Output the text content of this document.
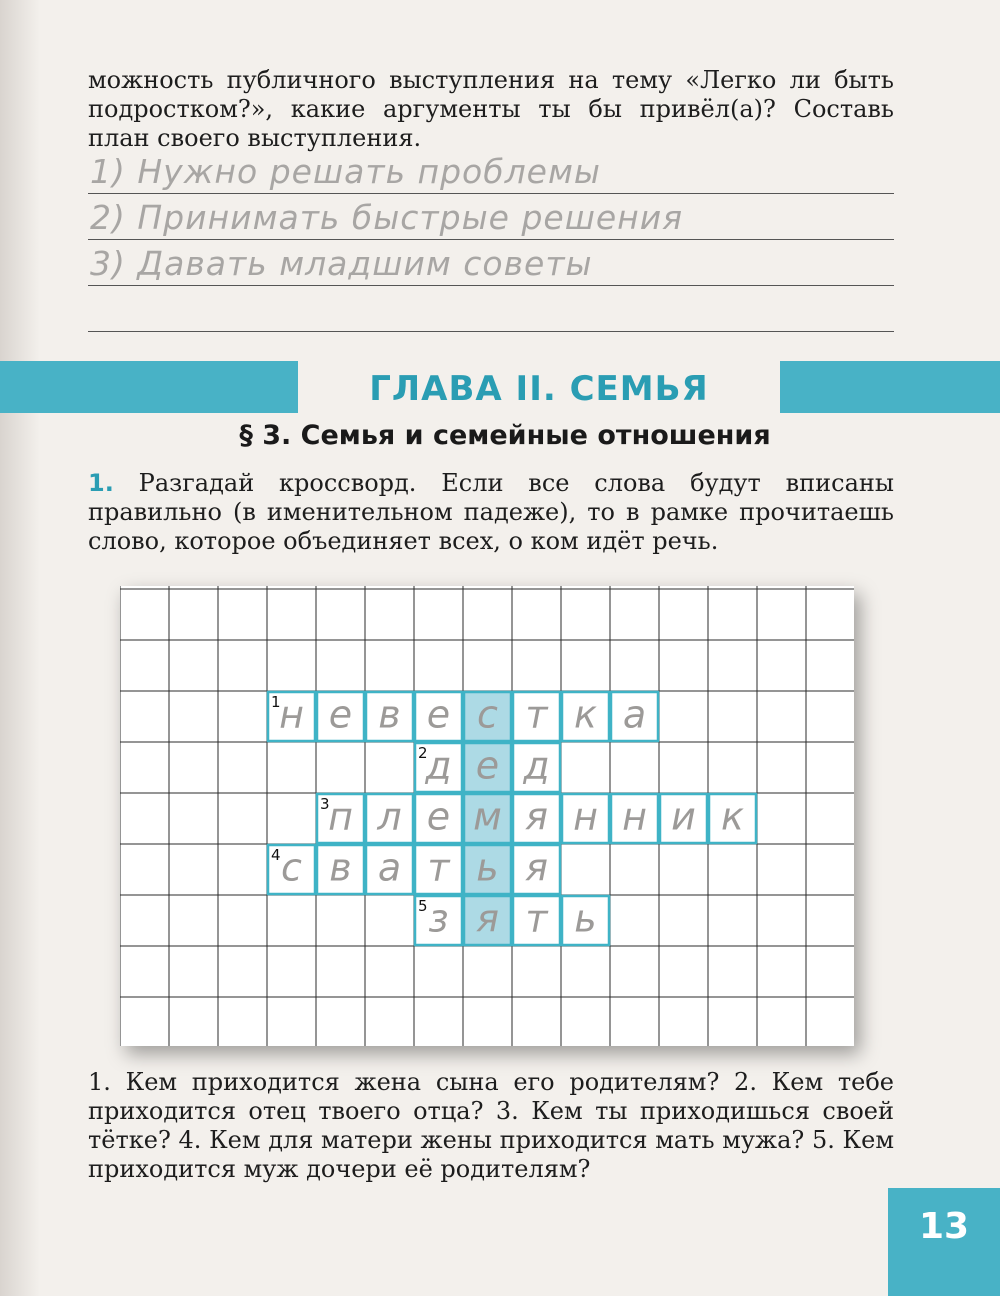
можность публичного выступления на тему «Легко ли быть подростком?», какие аргументы ты бы привёл(а)? Составь план своего выступления.

1) Нужно решать проблемы
2) Принимать быстрые решения
3) Давать младшим советы
ГЛАВА II. СЕМЬЯ
§ 3. Семья и семейные отношения

1. Разгадай кроссворд. Если все слова будут вписаны правильно (в именительном падеже), то в рамке прочитаешь слово, которое объединяет всех, о ком идёт речь.

н е в е с т к а
1
д е д
2
п л е м я н н и к
3
с в а т ь я
4
з я т ь
5

1. Кем приходится жена сына его родителям? 2. Кем тебе приходится отец твоего отца? 3. Кем ты приходишься своей тётке? 4. Кем для матери жены приходится мать мужа? 5. Кем приходится муж дочери её родителям?

13
